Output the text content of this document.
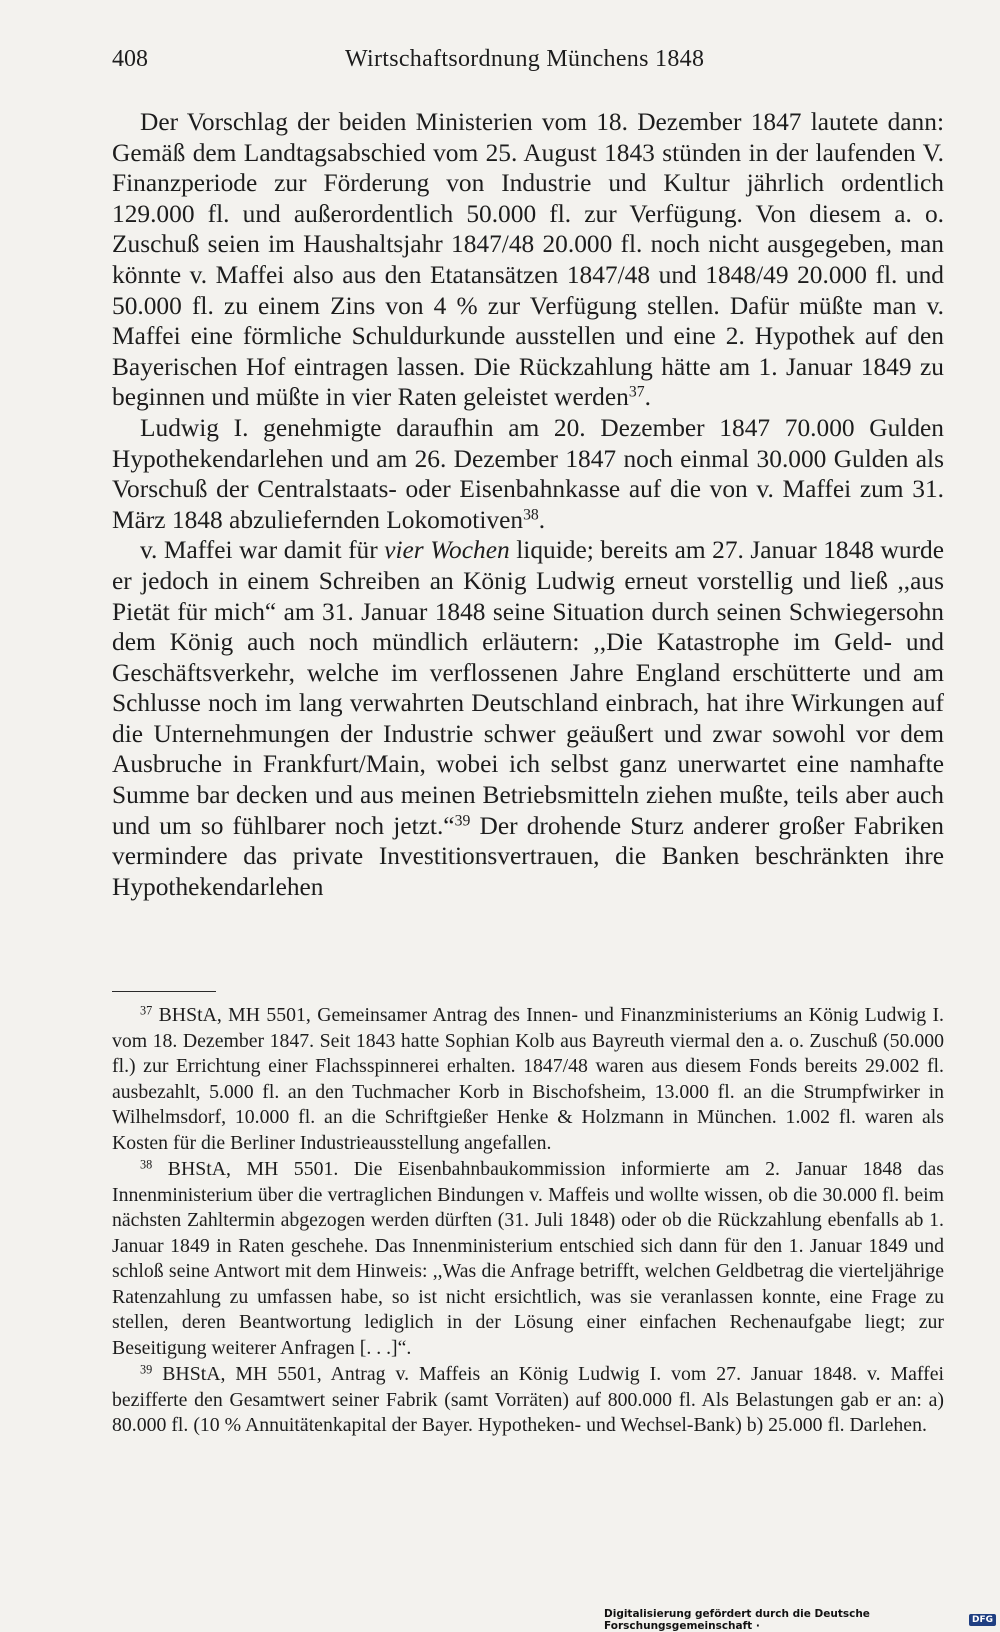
408	Wirtschaftsordnung Münchens 1848

Der Vorschlag der beiden Ministerien vom 18. Dezember 1847 lautete dann: Gemäß dem Landtagsabschied vom 25. August 1843 stünden in der laufenden V. Finanzperiode zur Förderung von Industrie und Kultur jährlich ordentlich 129.000 fl. und außerordentlich 50.000 fl. zur Verfügung. Von diesem a. o. Zuschuß seien im Haushaltsjahr 1847/48 20.000 fl. noch nicht ausgegeben, man könnte v. Maffei also aus den Etatansätzen 1847/48 und 1848/49 20.000 fl. und 50.000 fl. zu einem Zins von 4 % zur Verfügung stellen. Dafür müßte man v. Maffei eine förmliche Schuldurkunde ausstellen und eine 2. Hypothek auf den Bayerischen Hof eintragen lassen. Die Rückzahlung hätte am 1. Januar 1849 zu beginnen und müßte in vier Raten geleistet werden$^{37}$.

Ludwig I. genehmigte daraufhin am 20. Dezember 1847 70.000 Gulden Hypothekendarlehen und am 26. Dezember 1847 noch einmal 30.000 Gulden als Vorschuß der Centralstaats- oder Eisenbahnkasse auf die von v. Maffei zum 31. März 1848 abzuliefernden Lokomotiven$^{38}$.

v. Maffei war damit für vier Wochen liquide; bereits am 27. Januar 1848 wurde er jedoch in einem Schreiben an König Ludwig erneut vorstellig und ließ ,,aus Pietät für mich“ am 31. Januar 1848 seine Situation durch seinen Schwiegersohn dem König auch noch mündlich erläutern: ,,Die Katastrophe im Geld- und Geschäftsverkehr, welche im verflossenen Jahre England erschütterte und am Schlusse noch im lang verwahrten Deutschland einbrach, hat ihre Wirkungen auf die Unternehmungen der Industrie schwer geäußert und zwar sowohl vor dem Ausbruche in Frankfurt/Main, wobei ich selbst ganz unerwartet eine namhafte Summe bar decken und aus meinen Betriebsmitteln ziehen mußte, teils aber auch und um so fühlbarer noch jetzt.“$^{39}$ Der drohende Sturz anderer großer Fabriken vermindere das private Investitionsvertrauen, die Banken beschränkten ihre Hypothekendarlehen

$^{37}$ BHStA, MH 5501, Gemeinsamer Antrag des Innen- und Finanzministeriums an König Ludwig I. vom 18. Dezember 1847. Seit 1843 hatte Sophian Kolb aus Bayreuth viermal den a. o. Zuschuß (50.000 fl.) zur Errichtung einer Flachsspinnerei erhalten. 1847/48 waren aus diesem Fonds bereits 29.002 fl. ausbezahlt, 5.000 fl. an den Tuchmacher Korb in Bischofsheim, 13.000 fl. an die Strumpfwirker in Wilhelmsdorf, 10.000 fl. an die Schriftgießer Henke & Holzmann in München. 1.002 fl. waren als Kosten für die Berliner Industrieausstellung angefallen.

$^{38}$ BHStA, MH 5501. Die Eisenbahnbaukommission informierte am 2. Januar 1848 das Innenministerium über die vertraglichen Bindungen v. Maffeis und wollte wissen, ob die 30.000 fl. beim nächsten Zahltermin abgezogen werden dürften (31. Juli 1848) oder ob die Rückzahlung ebenfalls ab 1. Januar 1849 in Raten geschehe. Das Innenministerium entschied sich dann für den 1. Januar 1849 und schloß seine Antwort mit dem Hinweis: ,,Was die Anfrage betrifft, welchen Geldbetrag die vierteljährige Ratenzahlung zu umfassen habe, so ist nicht ersichtlich, was sie veranlassen konnte, eine Frage zu stellen, deren Beantwortung lediglich in der Lösung einer einfachen Rechenaufgabe liegt; zur Beseitigung weiterer Anfragen [. . .]“.

$^{39}$ BHStA, MH 5501, Antrag v. Maffeis an König Ludwig I. vom 27. Januar 1848. v. Maffei bezifferte den Gesamtwert seiner Fabrik (samt Vorräten) auf 800.000 fl. Als Belastungen gab er an: a) 80.000 fl. (10 % Annuitätenkapital der Bayer. Hypotheken- und Wechsel-Bank) b) 25.000 fl. Darlehen.

Digitalisierung gefördert durch die Deutsche Forschungsgemeinschaft ·	DFG
